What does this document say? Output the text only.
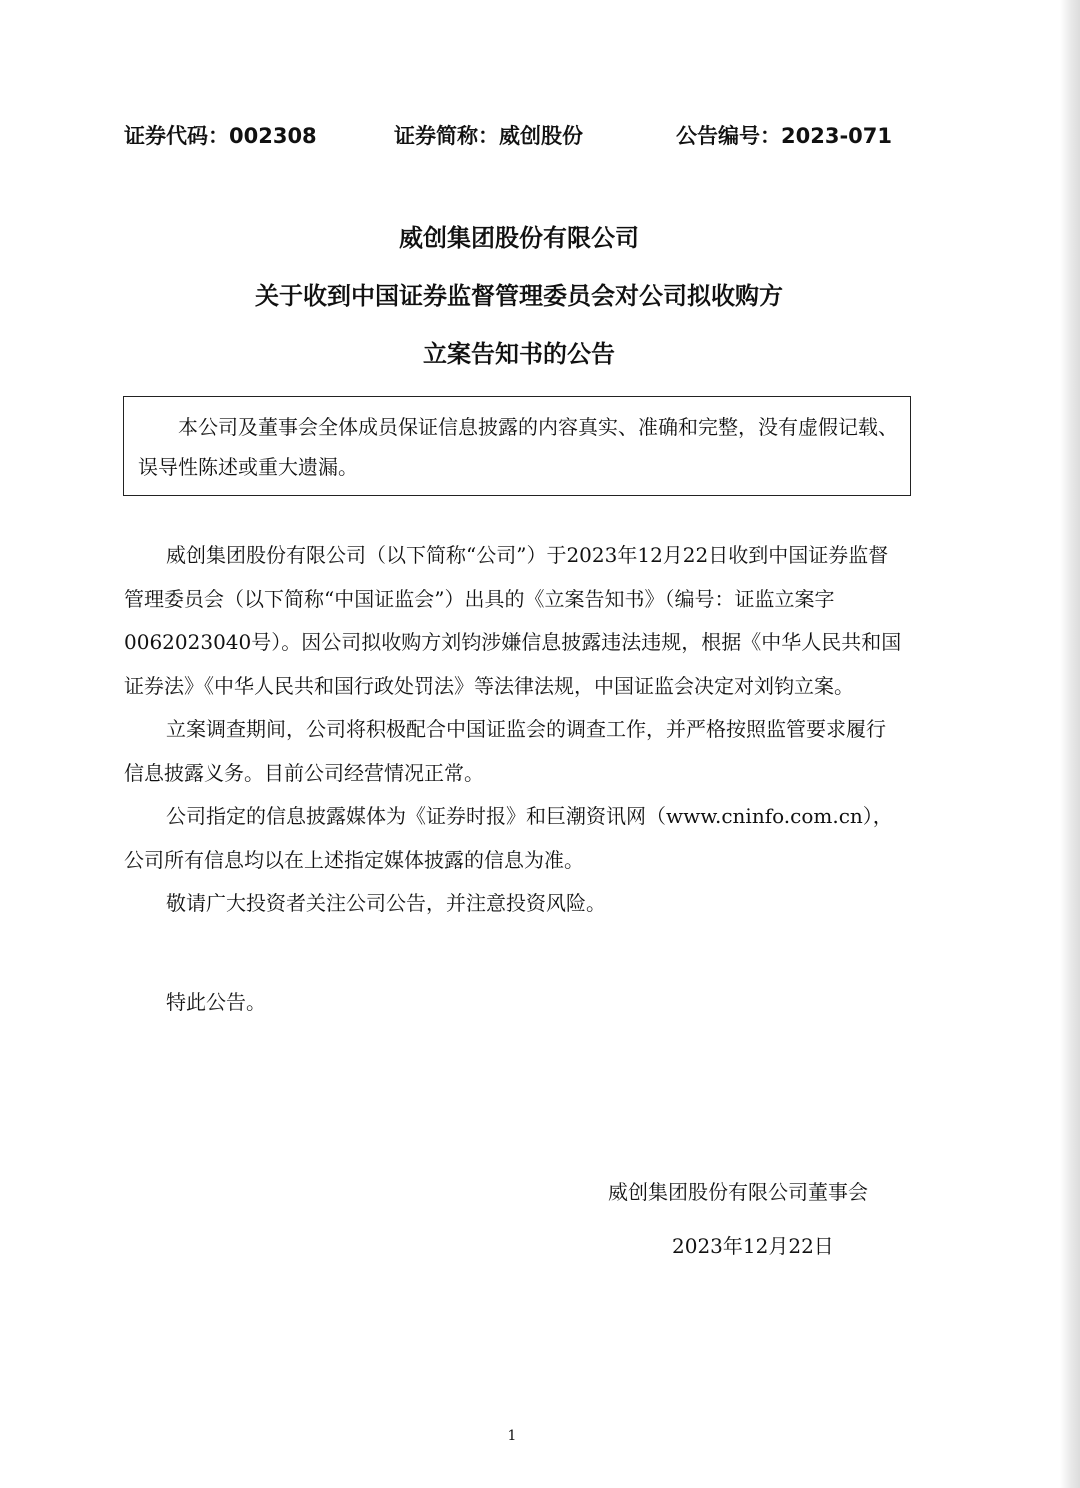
证券代码：002308	证券简称：威创股份	公告编号：2023-071
威创集团股份有限公司
关于收到中国证券监督管理委员会对公司拟收购方
立案告知书的公告

本公司及董事会全体成员保证信息披露的内容真实、准确和完整，没有虚假记载、误导性陈述或重大遗漏。

威创集团股份有限公司（以下简称“公司”）于2023年12月22日收到中国证券监督管理委员会（以下简称“中国证监会”）出具的《立案告知书》（编号：证监立案字0062023040号）。因公司拟收购方刘钧涉嫌信息披露违法违规，根据《中华人民共和国证券法》《中华人民共和国行政处罚法》等法律法规，中国证监会决定对刘钧立案。

立案调查期间，公司将积极配合中国证监会的调查工作，并严格按照监管要求履行信息披露义务。目前公司经营情况正常。

公司指定的信息披露媒体为《证券时报》和巨潮资讯网（www.cninfo.com.cn），公司所有信息均以在上述指定媒体披露的信息为准。

敬请广大投资者关注公司公告，并注意投资风险。

特此公告。
威创集团股份有限公司董事会
2023年12月22日
1
